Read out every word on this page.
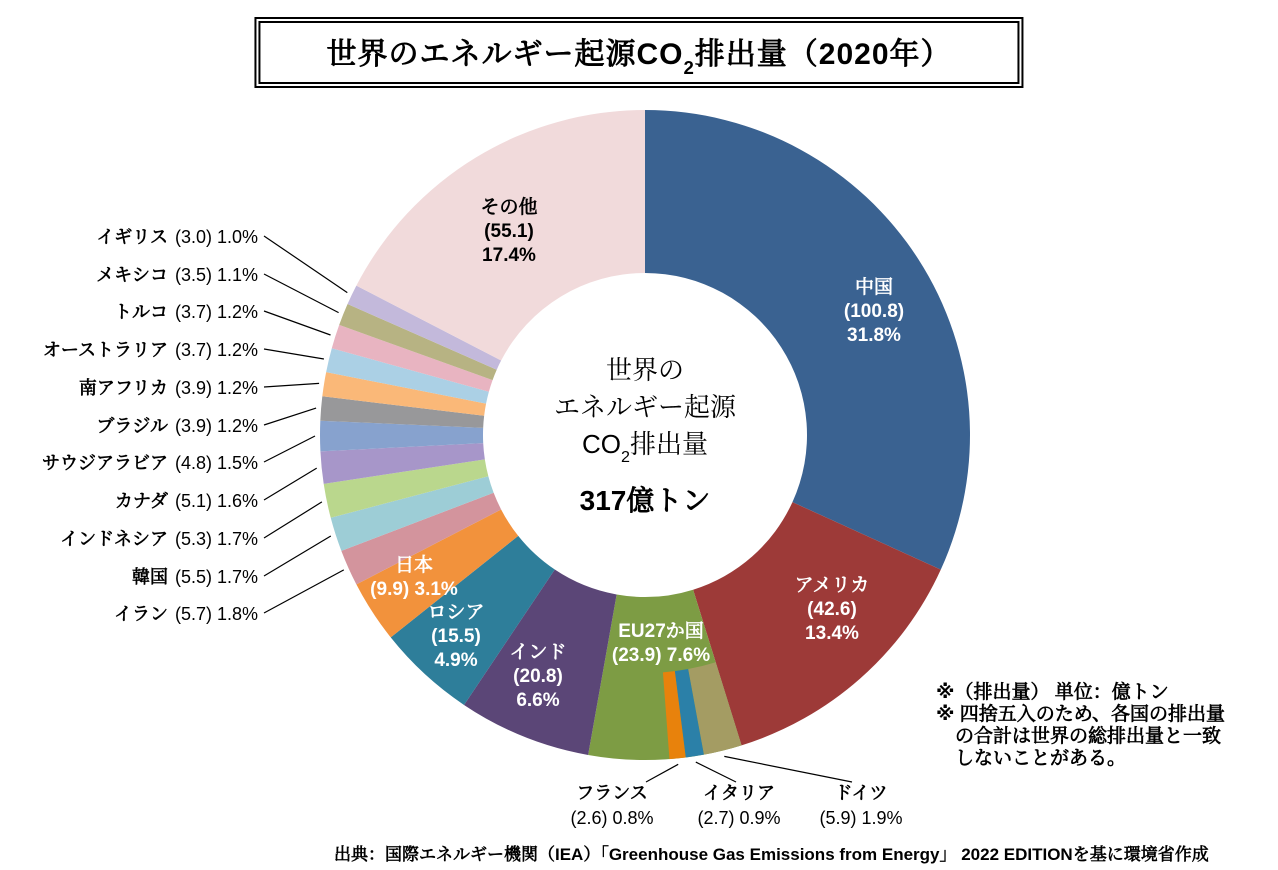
世界のエネルギー起源$CO_2$排出量（2020年）
中国
(100.8)
31.8%
アメリカ
(42.6)
13.4%
EU27か国
(23.9) 7.6%
インド
(20.8)
6.6%
ロシア
(15.5)
4.9%
日本
(9.9) 3.1%
その他
(55.1)
17.4%
イギリス (3.0) 1.0%
メキシコ (3.5) 1.1%
トルコ (3.7) 1.2%
オーストラリア (3.7) 1.2%
南アフリカ (3.9) 1.2%
ブラジル (3.9) 1.2%
サウジアラビア (4.8) 1.5%
カナダ (5.1) 1.6%
インドネシア (5.3) 1.7%
韓国 (5.5) 1.7%
イラン (5.7) 1.8%
フランス
(2.6) 0.8%
イタリア
(2.7) 0.9%
ドイツ
(5.9) 1.9%
世界の
エネルギー起源
$CO_2$排出量
317億トン
※（排出量） 単位：億トン
※ 四捨五入のため、各国の排出量
　の合計は世界の総排出量と一致
　しないことがある。
出典：国際エネルギー機関（IEA）「Greenhouse Gas Emissions from Energy」 2022 EDITIONを基に環境省作成
